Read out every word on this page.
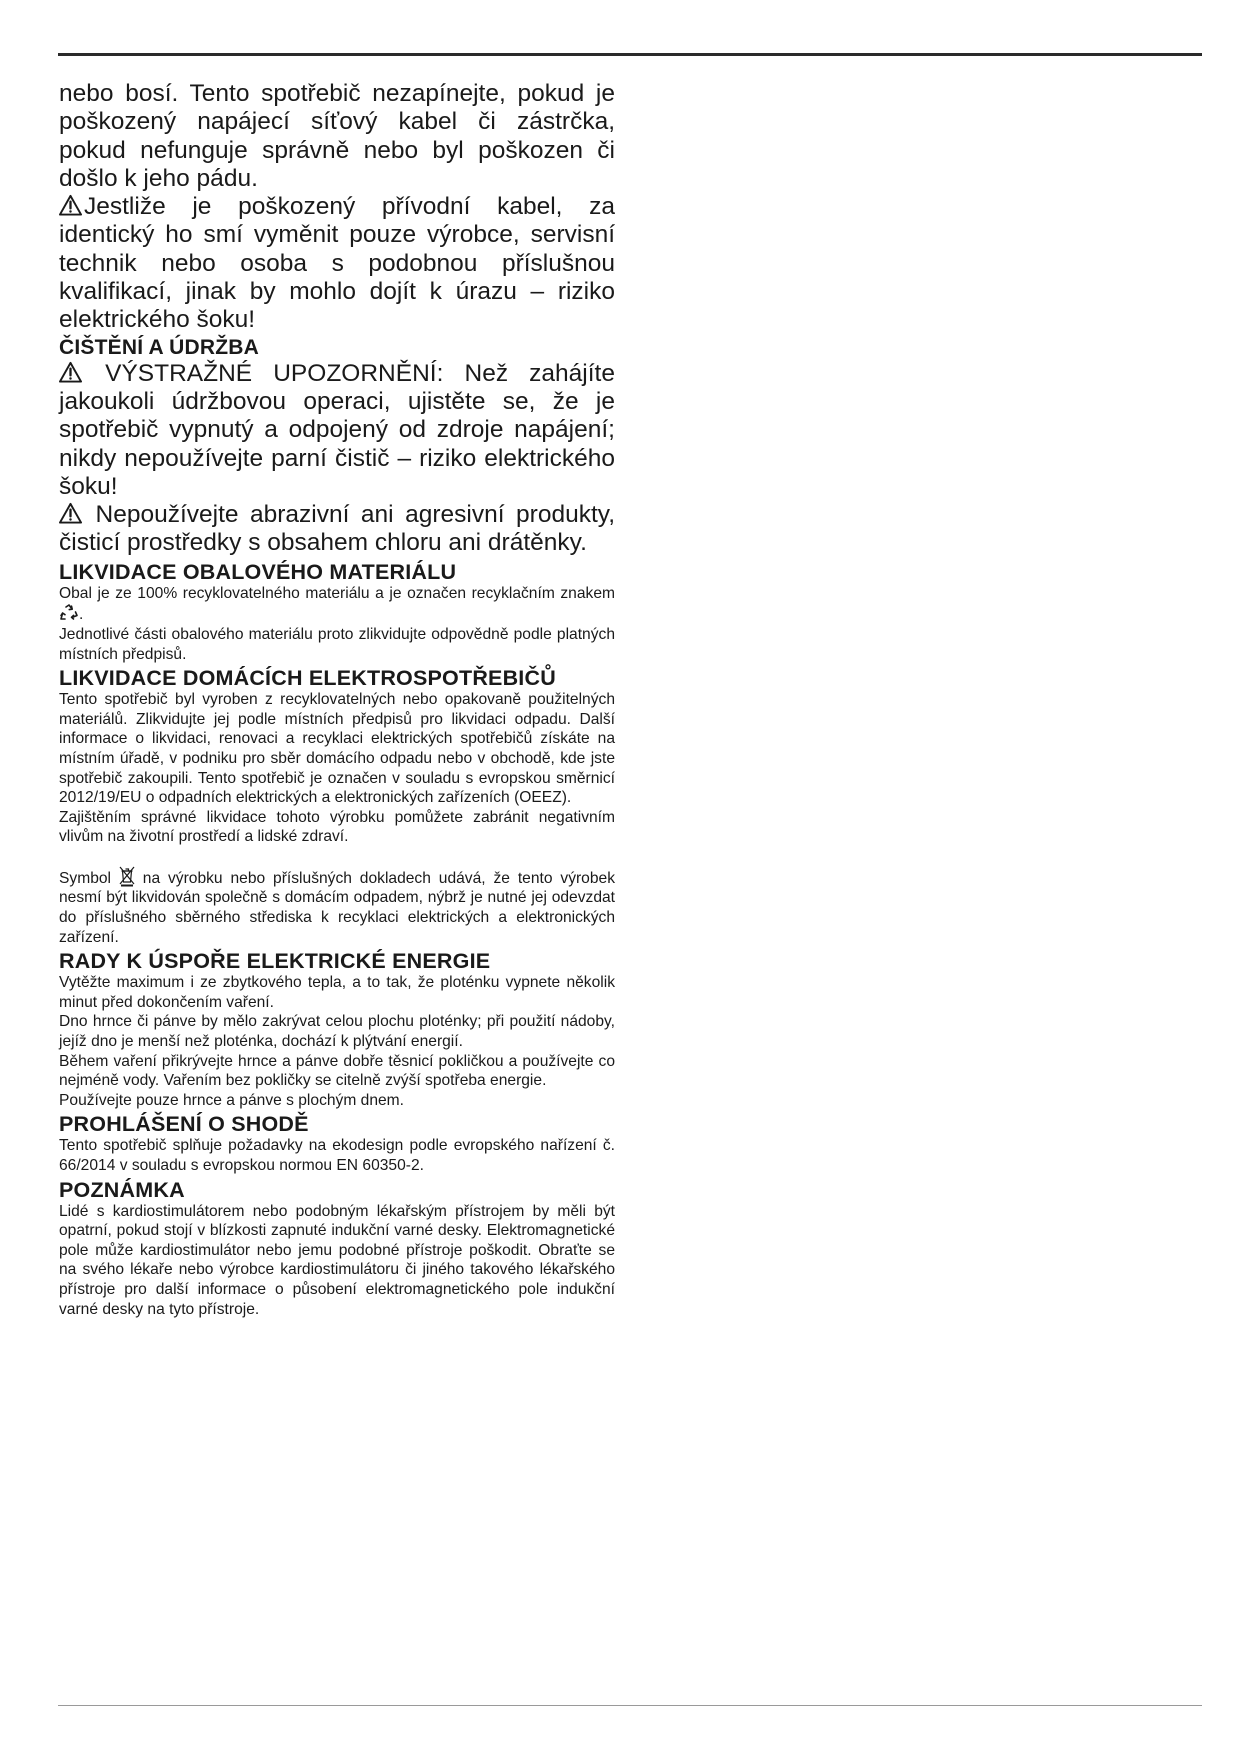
nebo bosí. Tento spotřebič nezapínejte, pokud je poškozený napájecí síťový kabel či zástrčka, pokud nefunguje správně nebo byl poškozen či došlo k jeho pádu.

Jestliže je poškozený přívodní kabel, za identický ho smí vyměnit pouze výrobce, servisní technik nebo osoba s podobnou příslušnou kvalifikací, jinak by mohlo dojít k úrazu – riziko elektrického šoku!

ČIŠTĚNÍ A ÚDRŽBA

VÝSTRAŽNÉ UPOZORNĚNÍ: Než zahájíte jakoukoli údržbovou operaci, ujistěte se, že je spotřebič vypnutý a odpojený od zdroje napájení; nikdy nepoužívejte parní čistič – riziko elektrického šoku!

Nepoužívejte abrazivní ani agresivní produkty, čisticí prostředky s obsahem chloru ani drátěnky.

LIKVIDACE OBALOVÉHO MATERIÁLU

Obal je ze 100% recyklovatelného materiálu a je označen recyklačním znakem .

Jednotlivé části obalového materiálu proto zlikvidujte odpovědně podle platných místních předpisů.

LIKVIDACE DOMÁCÍCH ELEKTROSPOTŘEBIČŮ

Tento spotřebič byl vyroben z recyklovatelných nebo opakovaně použitelných materiálů. Zlikvidujte jej podle místních předpisů pro likvidaci odpadu. Další informace o likvidaci, renovaci a recyklaci elektrických spotřebičů získáte na místním úřadě, v podniku pro sběr domácího odpadu nebo v obchodě, kde jste spotřebič zakoupili. Tento spotřebič je označen v souladu s evropskou směrnicí 2012/19/EU o odpadních elektrických a elektronických zařízeních (OEEZ).

Zajištěním správné likvidace tohoto výrobku pomůžete zabránit negativním vlivům na životní prostředí a lidské zdraví.

Symbol na výrobku nebo příslušných dokladech udává, že tento výrobek nesmí být likvidován společně s domácím odpadem, nýbrž je nutné jej odevzdat do příslušného sběrného střediska k recyklaci elektrických a elektronických zařízení.

RADY K ÚSPOŘE ELEKTRICKÉ ENERGIE

Vytěžte maximum i ze zbytkového tepla, a to tak, že ploténku vypnete několik minut před dokončením vaření.

Dno hrnce či pánve by mělo zakrývat celou plochu ploténky; při použití nádoby, jejíž dno je menší než ploténka, dochází k plýtvání energií.

Během vaření přikrývejte hrnce a pánve dobře těsnicí pokličkou a používejte co nejméně vody. Vařením bez pokličky se citelně zvýší spotřeba energie.

Používejte pouze hrnce a pánve s plochým dnem.

PROHLÁŠENÍ O SHODĚ

Tento spotřebič splňuje požadavky na ekodesign podle evropského nařízení č. 66/2014 v souladu s evropskou normou EN 60350-2.

POZNÁMKA

Lidé s kardiostimulátorem nebo podobným lékařským přístrojem by měli být opatrní, pokud stojí v blízkosti zapnuté indukční varné desky. Elektromagnetické pole může kardiostimulátor nebo jemu podobné přístroje poškodit. Obraťte se na svého lékaře nebo výrobce kardiostimulátoru či jiného takového lékařského přístroje pro další informace o působení elektromagnetického pole indukční varné desky na tyto přístroje.
